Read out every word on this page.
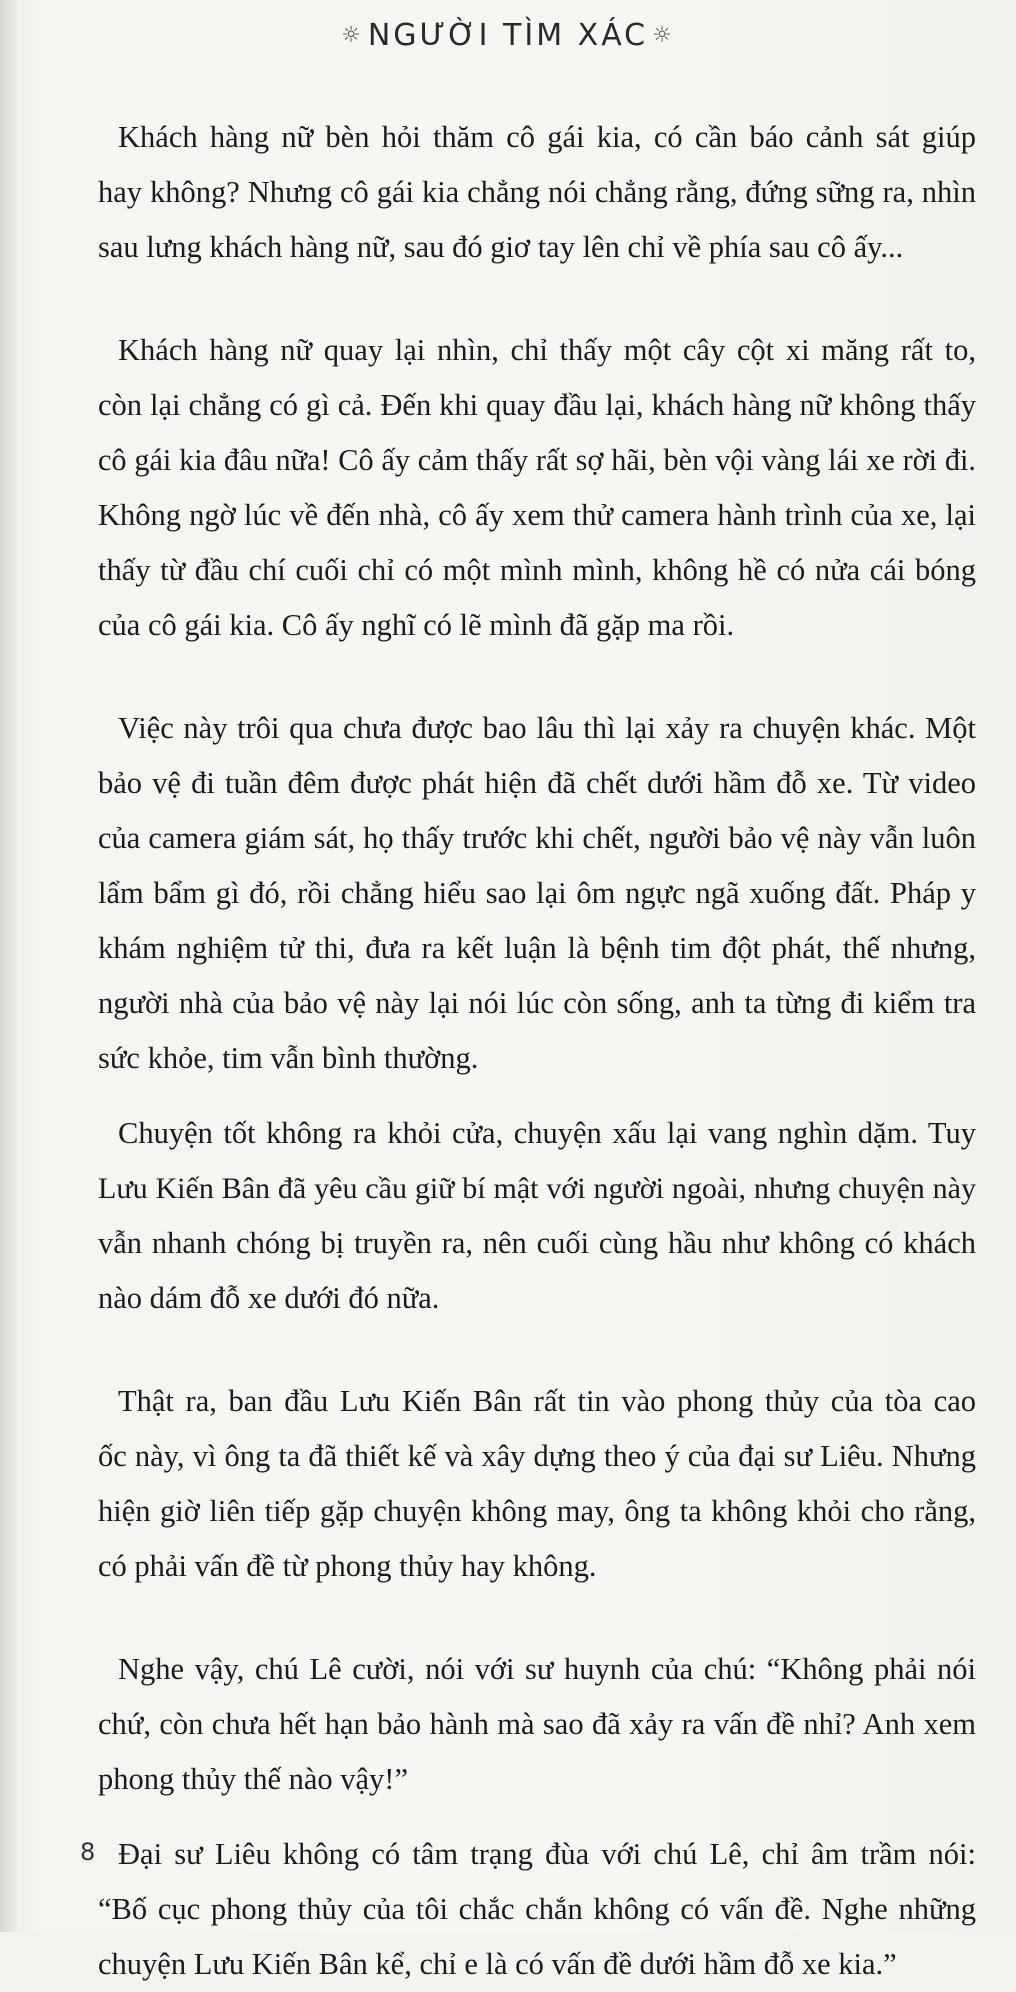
☼ NGƯỜI TÌM XÁC ☼

Khách hàng nữ bèn hỏi thăm cô gái kia, có cần báo cảnh sát giúp
hay không? Nhưng cô gái kia chẳng nói chẳng rằng, đứng sững ra, nhìn
sau lưng khách hàng nữ, sau đó giơ tay lên chỉ về phía sau cô ấy...

Khách hàng nữ quay lại nhìn, chỉ thấy một cây cột xi măng rất to,
còn lại chẳng có gì cả. Đến khi quay đầu lại, khách hàng nữ không thấy
cô gái kia đâu nữa! Cô ấy cảm thấy rất sợ hãi, bèn vội vàng lái xe rời đi.
Không ngờ lúc về đến nhà, cô ấy xem thử camera hành trình của xe, lại
thấy từ đầu chí cuối chỉ có một mình mình, không hề có nửa cái bóng
của cô gái kia. Cô ấy nghĩ có lẽ mình đã gặp ma rồi.

Việc này trôi qua chưa được bao lâu thì lại xảy ra chuyện khác. Một
bảo vệ đi tuần đêm được phát hiện đã chết dưới hầm đỗ xe. Từ video
của camera giám sát, họ thấy trước khi chết, người bảo vệ này vẫn luôn
lẩm bẩm gì đó, rồi chẳng hiểu sao lại ôm ngực ngã xuống đất. Pháp y
khám nghiệm tử thi, đưa ra kết luận là bệnh tim đột phát, thế nhưng,
người nhà của bảo vệ này lại nói lúc còn sống, anh ta từng đi kiểm tra
sức khỏe, tim vẫn bình thường.

Chuyện tốt không ra khỏi cửa, chuyện xấu lại vang nghìn dặm. Tuy
Lưu Kiến Bân đã yêu cầu giữ bí mật với người ngoài, nhưng chuyện này
vẫn nhanh chóng bị truyền ra, nên cuối cùng hầu như không có khách
nào dám đỗ xe dưới đó nữa.

Thật ra, ban đầu Lưu Kiến Bân rất tin vào phong thủy của tòa cao
ốc này, vì ông ta đã thiết kế và xây dựng theo ý của đại sư Liêu. Nhưng
hiện giờ liên tiếp gặp chuyện không may, ông ta không khỏi cho rằng,
có phải vấn đề từ phong thủy hay không.

Nghe vậy, chú Lê cười, nói với sư huynh của chú: “Không phải nói
chứ, còn chưa hết hạn bảo hành mà sao đã xảy ra vấn đề nhỉ? Anh xem
phong thủy thế nào vậy!”

Đại sư Liêu không có tâm trạng đùa với chú Lê, chỉ âm trầm nói:
“Bố cục phong thủy của tôi chắc chắn không có vấn đề. Nghe những
chuyện Lưu Kiến Bân kể, chỉ e là có vấn đề dưới hầm đỗ xe kia.”

8
